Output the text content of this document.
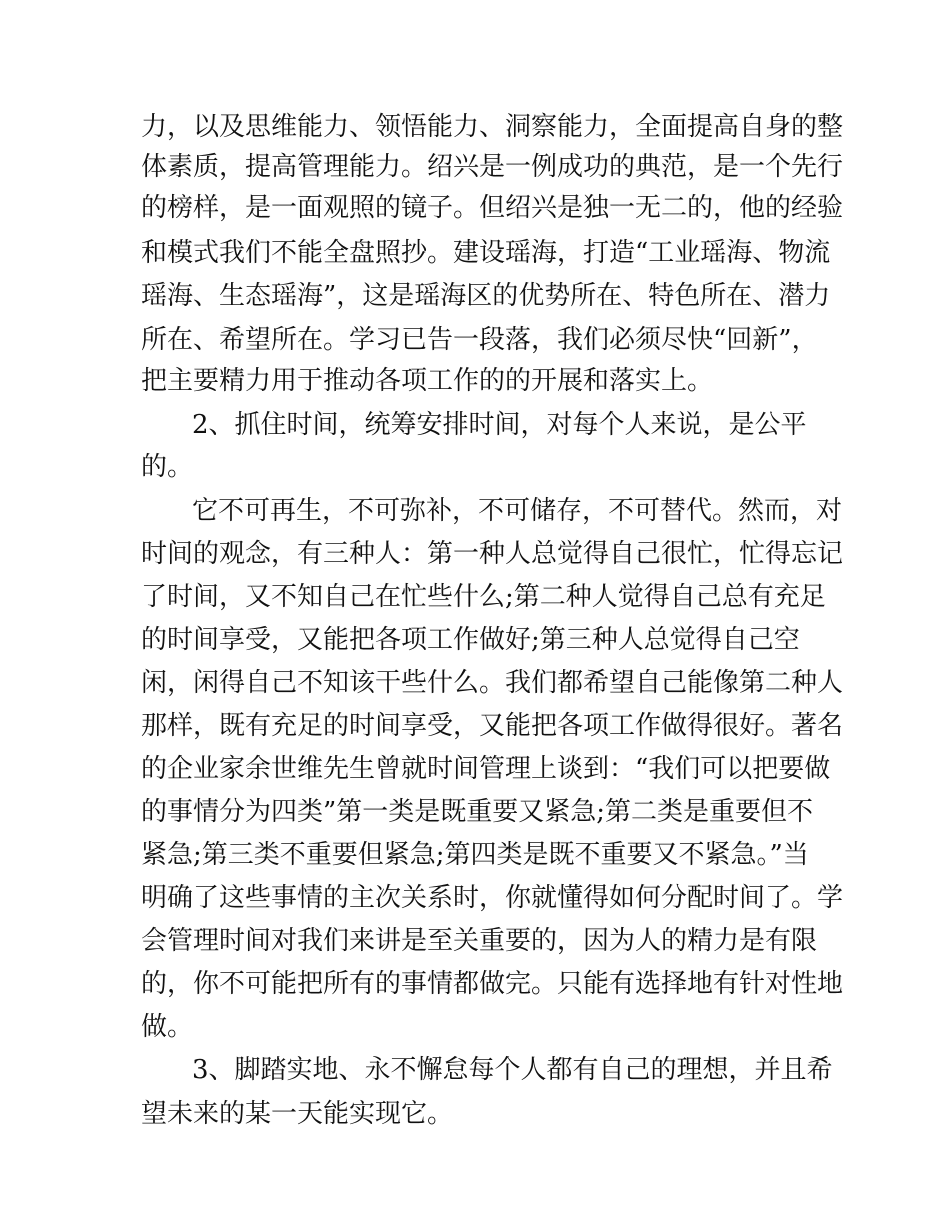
力，以及思维能力、领悟能力、洞察能力，全面提高自身的整
体素质，提高管理能力。绍兴是一例成功的典范，是一个先行
的榜样，是一面观照的镜子。但绍兴是独一无二的，他的经验
和模式我们不能全盘照抄。建设瑶海，打造“工业瑶海、物流
瑶海、生态瑶海”，这是瑶海区的优势所在、特色所在、潜力
所在、希望所在。学习已告一段落，我们必须尽快“回新”，
把主要精力用于推动各项工作的的开展和落实上。
2、抓住时间，统筹安排时间，对每个人来说，是公平
的。
它不可再生，不可弥补，不可储存，不可替代。然而，对
时间的观念，有三种人：第一种人总觉得自己很忙，忙得忘记
了时间，又不知自己在忙些什么;第二种人觉得自己总有充足
的时间享受，又能把各项工作做好;第三种人总觉得自己空
闲，闲得自己不知该干些什么。我们都希望自己能像第二种人
那样，既有充足的时间享受，又能把各项工作做得很好。著名
的企业家余世维先生曾就时间管理上谈到：“我们可以把要做
的事情分为四类”第一类是既重要又紧急;第二类是重要但不
紧急;第三类不重要但紧急;第四类是既不重要又不紧急。”当
明确了这些事情的主次关系时，你就懂得如何分配时间了。学
会管理时间对我们来讲是至关重要的，因为人的精力是有限
的，你不可能把所有的事情都做完。只能有选择地有针对性地
做。
3、脚踏实地、永不懈怠每个人都有自己的理想，并且希
望未来的某一天能实现它。
